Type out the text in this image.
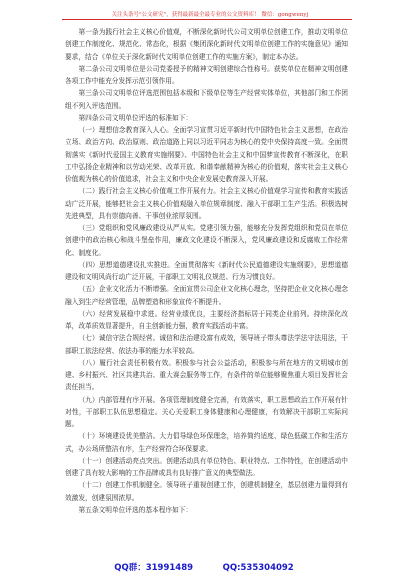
关注头条号"公文研究"，获得最新最全最专业的公文资料库！ 微信：gongwenyj

第一条为践行社会主义核心价值观，不断深化新时代公司文明单位创建工作，推动文明单位创建工作制度化、规范化、常态化，根据《集团深化新时代文明单位创建工作的实施意见》通知要求，结合《单位关于深化新时代文明单位创建工作的实施方案》，制定本办法。

第二条公司文明单位是公司党委授予的精神文明创建综合性称号。获奖单位在精神文明创建各项工作中能充分发挥示范引领作用。

第三条公司文明单位评选范围包括本级和下级单位等生产经营实体单位，其他部门和工作团组不列入评选范围。

第四条公司文明单位评选的标准如下：

（一）理想信念教育深入人心。全面学习宣贯习近平新时代中国特色社会主义思想，在政治立场、政治方向、政治原则、政治道路上同以习近平同志为核心的党中央保持高度一致。全面贯彻落实《新时代爱国主义教育实施纲要》、中国特色社会主义和中国梦宣传教育不断深化，在职工中弘扬企业精神和以劳动光荣、改革开放、和谐奉献精神为核心的价值观，落实社会主义核心价值观为核心的价值追求，社会主义和中央企业发展史教育深入开展。

（二）践行社会主义核心价值观工作开展有力。社会主义核心价值观学习宣传和教育实践活动广泛开展，能够把社会主义核心价值观融入单位规章制度、融入干部职工生产生活。积极选树先进典型，具有崇德向善、干事创业浓厚氛围。

（三）党组织和党风廉政建设从严从实。党建引领力强，能够充分发挥党组织和党员在单位创建中的政治核心和战斗堡垒作用，廉政文化建设不断深入，党风廉政建设和反腐败工作经常化、制度化。

（四）思想道德建设扎实推进。全面贯彻落实《新时代公民道德建设实施纲要》，思想道德建设和文明风尚行动广泛开展，干部职工文明礼仪规范、行为习惯良好。

（五）企业文化活力不断增强。全面宣贯公司企业文化核心理念，坚持把企业文化核心理念融入到生产经营管理，品牌塑造和形象宣传不断提升。

（六）经营发展稳中求进。经营业绩优良，主要经济指标居于同类企业前列。持续深化改革，改革质效显著提升，自主创新能力强，教育实践活动丰富。

（七）诚信守法合规经营。诚信和法治建设富有成效，领导班子带头尊法学法守法用法，干部职工依法经营、依法办事的能力水平较高。

（八）履行社会责任积极有效。积极参与社会公益活动，积极参与所在地方的文明城市创建、乡村振兴、社区共建共治、重大赛会服务等工作，有条件的单位能够聚焦重大项目发挥社会责任担当。

（九）内部管理有序开展。各项管理制度健全完善，有效落实，职工思想政治工作开展有针对性，干部职工队伍思想稳定。关心关爱职工身体健康和心理健康，有效解决干部职工实际问题。

（十）环境建设优美整洁。大力倡导绿色环保理念，培养简约适度、绿色低碳工作和生活方式，办公场所整洁有序，生产经营符合环保要求。

（十一）创建活动亮点突出。创建活动具有单位特色、职业特点、工作特性，在创建活动中创建了具有较大影响的工作品牌或具有良好推广意义的典型做法。

（十二）创建工作机制健全。领导班子重视创建工作，创建机制健全，基层创建力量得到有效激发，创建氛围浓厚。

第五条文明单位评选的基本程序如下：

QQ群：31991489	QQ:535304092
